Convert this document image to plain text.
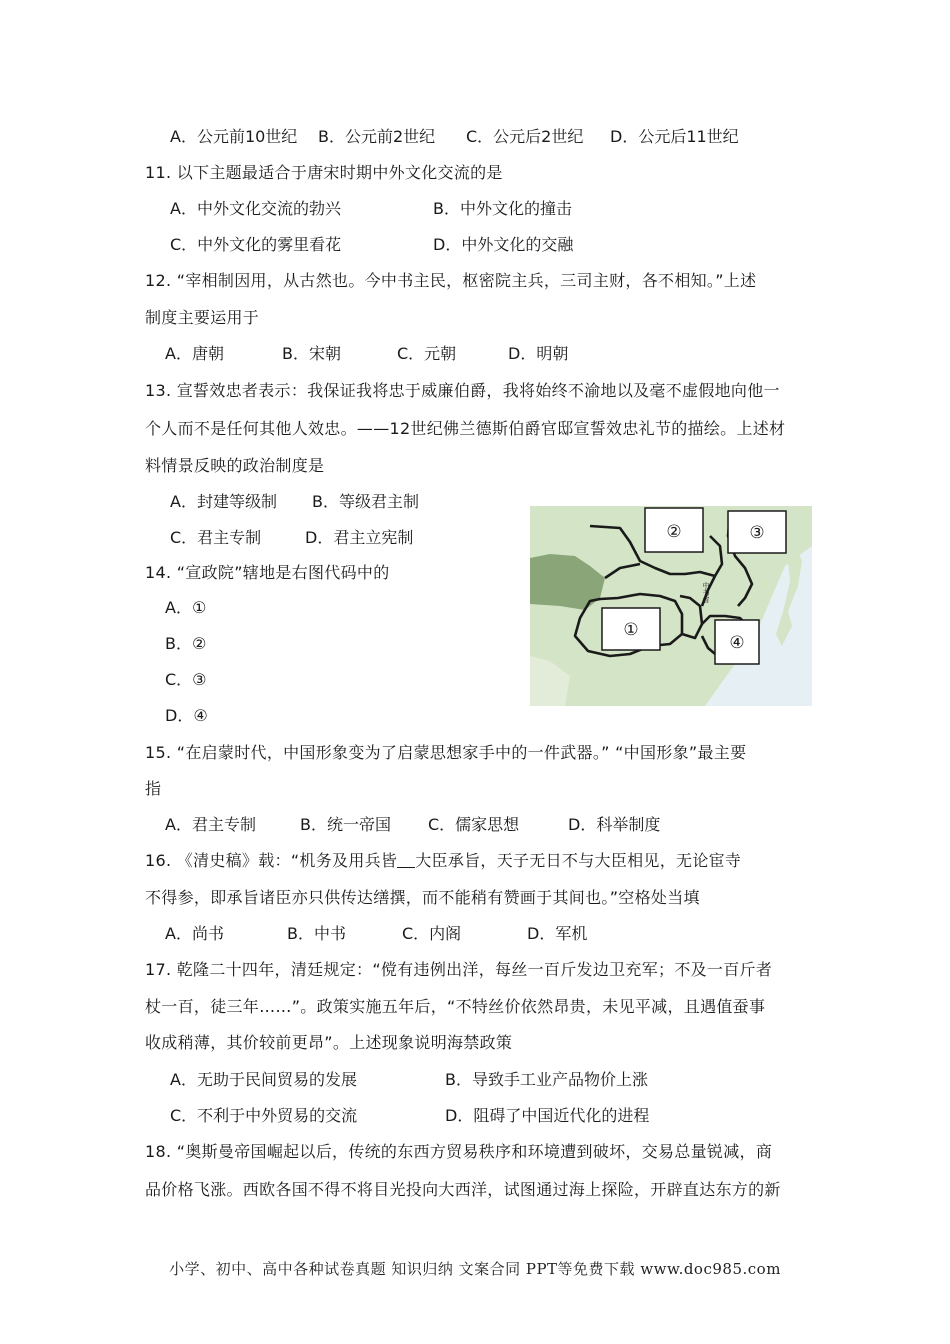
A．公元前10世纪 B．公元前2世纪 C．公元后2世纪 D．公元后11世纪
11. 以下主题最适合于唐宋时期中外文化交流的是
A．中外文化交流的勃兴	B．中外文化的撞击
C．中外文化的雾里看花	D．中外文化的交融
12. “宰相制因用，从古然也。今中书主民，枢密院主兵，三司主财，各不相知。”上述
制度主要运用于
A．唐朝	B．宋朝	C．元朝	D．明朝
13. 宣誓效忠者表示：我保证我将忠于威廉伯爵，我将始终不渝地以及毫不虚假地向他一
个人而不是任何其他人效忠。——12世纪佛兰德斯伯爵官邸宣誓效忠礼节的描绘。上述材
料情景反映的政治制度是
A．封建等级制 B．等级君主制
C．君主专制	D．君主立宪制
14. “宣政院”辖地是右图代码中的
A．①
B．②
C．③
D．④
②	③
①
④
中书省
15. “在启蒙时代，中国形象变为了启蒙思想家手中的一件武器。” “中国形象”最主要
指
A．君主专制	B．统一帝国 C．儒家思想	D．科举制度
16. 《清史稿》载：“机务及用兵皆 大臣承旨，天子无日不与大臣相见，无论宦寺
不得参，即承旨诸臣亦只供传达缮撰，而不能稍有赞画于其间也。”空格处当填
A．尚书	B．中书	C．内阁	D．军机
17. 乾隆二十四年，清廷规定：“傥有违例出洋，每丝一百斤发边卫充军；不及一百斤者
杖一百，徒三年……”。政策实施五年后，“不特丝价依然昂贵，未见平减，且遇值蚕事
收成稍薄，其价较前更昂”。上述现象说明海禁政策
A．无助于民间贸易的发展	B．导致手工业产品物价上涨
C．不利于中外贸易的交流	D．阻碍了中国近代化的进程
18. “奥斯曼帝国崛起以后，传统的东西方贸易秩序和环境遭到破坏，交易总量锐减，商
品价格飞涨。西欧各国不得不将目光投向大西洋，试图通过海上探险，开辟直达东方的新
小学、初中、高中各种试卷真题 知识归纳 文案合同 PPT等免费下载 www.doc985.com
